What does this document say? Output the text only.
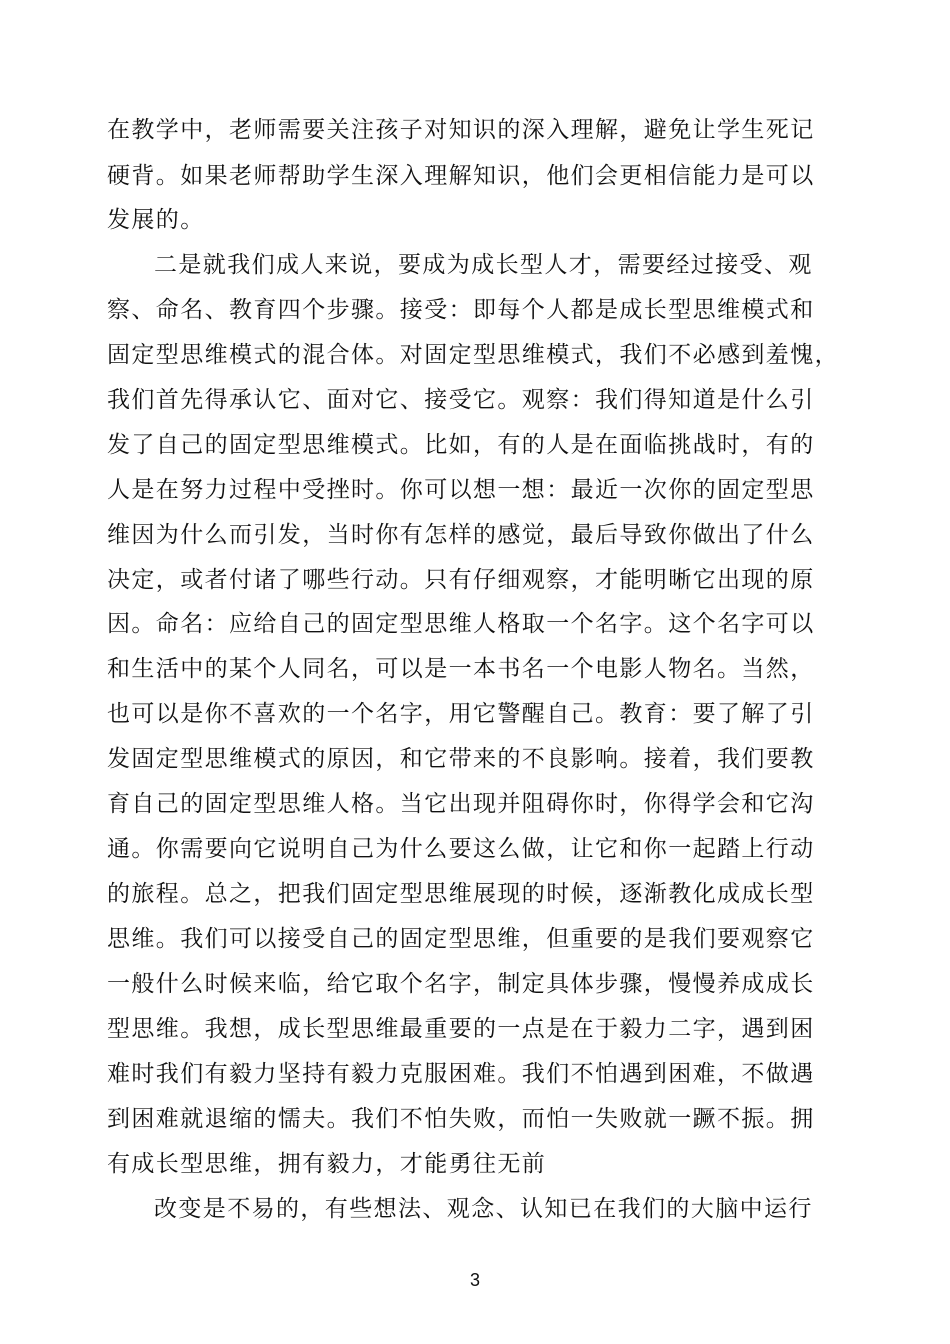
在教学中，老师需要关注孩子对知识的深入理解，避免让学生死记
硬背。如果老师帮助学生深入理解知识，他们会更相信能力是可以
发展的。
二是就我们成人来说，要成为成长型人才，需要经过接受、观
察、命名、教育四个步骤。接受：即每个人都是成长型思维模式和
固定型思维模式的混合体。对固定型思维模式，我们不必感到羞愧，
我们首先得承认它、面对它、接受它。观察：我们得知道是什么引
发了自己的固定型思维模式。比如，有的人是在面临挑战时，有的
人是在努力过程中受挫时。你可以想一想：最近一次你的固定型思
维因为什么而引发，当时你有怎样的感觉，最后导致你做出了什么
决定，或者付诸了哪些行动。只有仔细观察，才能明晰它出现的原
因。命名：应给自己的固定型思维人格取一个名字。这个名字可以
和生活中的某个人同名，可以是一本书名一个电影人物名。当然，
也可以是你不喜欢的一个名字，用它警醒自己。教育：要了解了引
发固定型思维模式的原因，和它带来的不良影响。接着，我们要教
育自己的固定型思维人格。当它出现并阻碍你时，你得学会和它沟
通。你需要向它说明自己为什么要这么做，让它和你一起踏上行动
的旅程。总之，把我们固定型思维展现的时候，逐渐教化成成长型
思维。我们可以接受自己的固定型思维，但重要的是我们要观察它
一般什么时候来临，给它取个名字，制定具体步骤，慢慢养成成长
型思维。我想，成长型思维最重要的一点是在于毅力二字，遇到困
难时我们有毅力坚持有毅力克服困难。我们不怕遇到困难，不做遇
到困难就退缩的懦夫。我们不怕失败，而怕一失败就一蹶不振。拥
有成长型思维，拥有毅力，才能勇往无前
改变是不易的，有些想法、观念、认知已在我们的大脑中运行
3
